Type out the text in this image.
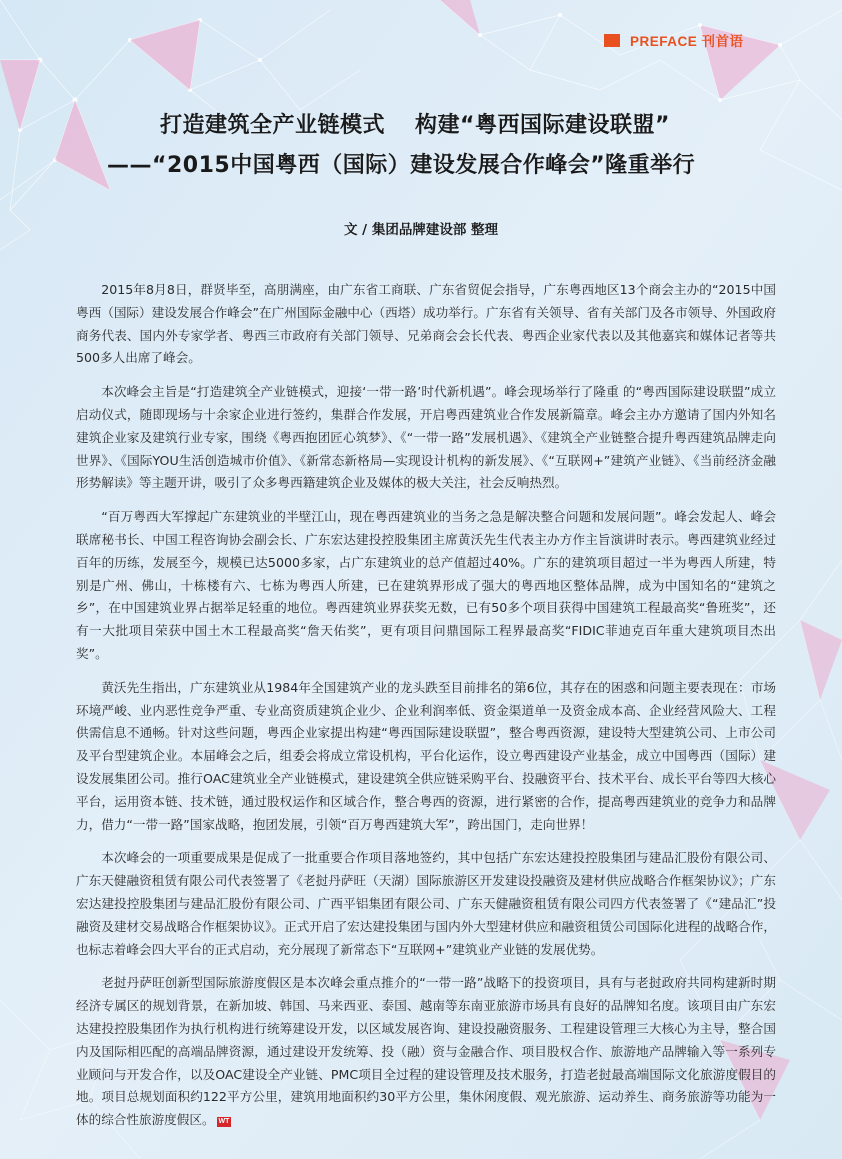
PREFACE 刊首语
打造建筑全产业链模式 构建“粤西国际建设联盟”
——“2015中国粤西（国际）建设发展合作峰会”隆重举行
文 / 集团品牌建设部 整理

2015年8月8日，群贤毕至，高朋满座，由广东省工商联、广东省贸促会指导，广东粤西地区13个商会主办的“2015中国粤西（国际）建设发展合作峰会”在广州国际金融中心（西塔）成功举行。广东省有关领导、省有关部门及各市领导、外国政府商务代表、国内外专家学者、粤西三市政府有关部门领导、兄弟商会会长代表、粤西企业家代表以及其他嘉宾和媒体记者等共500多人出席了峰会。

本次峰会主旨是“打造建筑全产业链模式，迎接‘一带一路’时代新机遇”。峰会现场举行了隆重 的“粤西国际建设联盟”成立启动仪式，随即现场与十余家企业进行签约，集群合作发展，开启粤西建筑业合作发展新篇章。峰会主办方邀请了国内外知名建筑企业家及建筑行业专家，围绕《粤西抱团匠心筑梦》、《“一带一路”发展机遇》、《建筑全产业链整合提升粤西建筑品牌走向世界》、《国际YOU生活创造城市价值》、《新常态新格局—实现设计机构的新发展》、《“互联网+”建筑产业链》、《当前经济金融形势解读》等主题开讲，吸引了众多粤西籍建筑企业及媒体的极大关注，社会反响热烈。

“百万粤西大军撑起广东建筑业的半壁江山，现在粤西建筑业的当务之急是解决整合问题和发展问题”。峰会发起人、峰会联席秘书长、中国工程咨询协会副会长、广东宏达建投控股集团主席黄沃先生代表主办方作主旨演讲时表示。粤西建筑业经过百年的历练，发展至今，规模已达5000多家，占广东建筑业的总产值超过40%。广东的建筑项目超过一半为粤西人所建，特别是广州、佛山，十栋楼有六、七栋为粤西人所建，已在建筑界形成了强大的粤西地区整体品牌，成为中国知名的“建筑之乡”，在中国建筑业界占据举足轻重的地位。粤西建筑业界获奖无数，已有50多个项目获得中国建筑工程最高奖“鲁班奖”，还有一大批项目荣获中国土木工程最高奖“詹天佑奖”，更有项目问鼎国际工程界最高奖“FIDIC菲迪克百年重大建筑项目杰出奖”。

黄沃先生指出，广东建筑业从1984年全国建筑产业的龙头跌至目前排名的第6位，其存在的困惑和问题主要表现在：市场环境严峻、业内恶性竞争严重、专业高资质建筑企业少、企业利润率低、资金渠道单一及资金成本高、企业经营风险大、工程供需信息不通畅。针对这些问题，粤西企业家提出构建“粤西国际建设联盟”，整合粤西资源，建设特大型建筑公司、上市公司及平台型建筑企业。本届峰会之后，组委会将成立常设机构，平台化运作，设立粤西建设产业基金，成立中国粤西（国际）建设发展集团公司。推行OAC建筑业全产业链模式，建设建筑全供应链采购平台、投融资平台、技术平台、成长平台等四大核心平台，运用资本链、技术链，通过股权运作和区域合作，整合粤西的资源，进行紧密的合作，提高粤西建筑业的竞争力和品牌力，借力“一带一路”国家战略，抱团发展，引领“百万粤西建筑大军”，跨出国门，走向世界！

本次峰会的一项重要成果是促成了一批重要合作项目落地签约，其中包括广东宏达建投控股集团与建品汇股份有限公司、广东天健融资租赁有限公司代表签署了《老挝丹萨旺（天湖）国际旅游区开发建设投融资及建材供应战略合作框架协议》；广东宏达建投控股集团与建品汇股份有限公司、广西平铝集团有限公司、广东天健融资租赁有限公司四方代表签署了《“建品汇”投融资及建材交易战略合作框架协议》。正式开启了宏达建投集团与国内外大型建材供应和融资租赁公司国际化进程的战略合作，也标志着峰会四大平台的正式启动，充分展现了新常态下“互联网+”建筑业产业链的发展优势。

老挝丹萨旺创新型国际旅游度假区是本次峰会重点推介的“一带一路”战略下的投资项目，具有与老挝政府共同构建新时期经济专属区的规划背景，在新加坡、韩国、马来西亚、泰国、越南等东南亚旅游市场具有良好的品牌知名度。该项目由广东宏达建投控股集团作为执行机构进行统筹建设开发，以区域发展咨询、建设投融资服务、工程建设管理三大核心为主导，整合国内及国际相匹配的高端品牌资源，通过建设开发统筹、投（融）资与金融合作、项目股权合作、旅游地产品牌输入等一系列专业顾问与开发合作，以及OAC建设全产业链、PMC项目全过程的建设管理及技术服务，打造老挝最高端国际文化旅游度假目的地。项目总规划面积约122平方公里，建筑用地面积约30平方公里，集休闲度假、观光旅游、运动养生、商务旅游等功能为一体的综合性旅游度假区。 WT
